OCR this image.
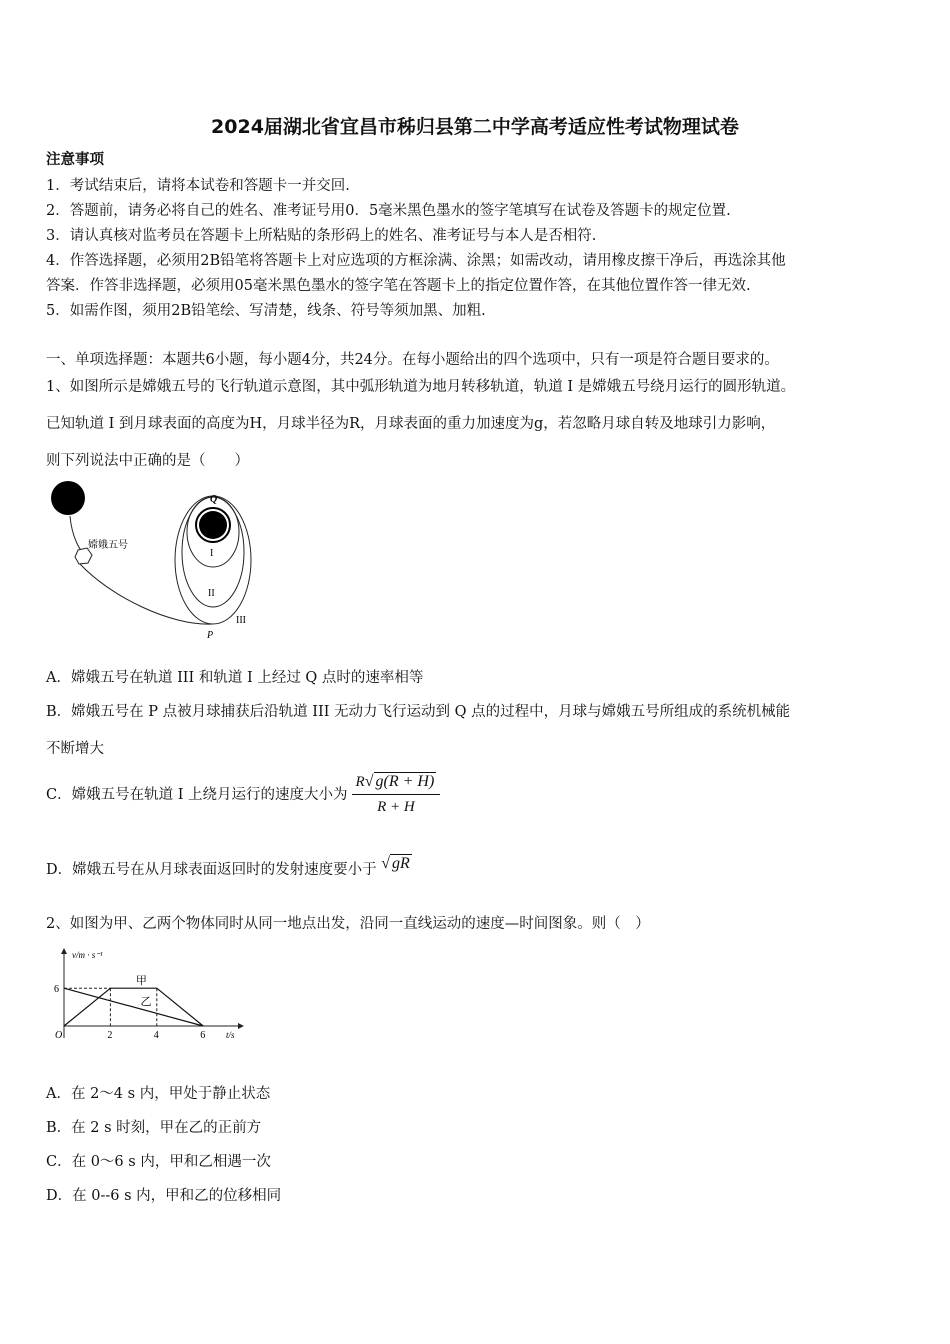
2024届湖北省宜昌市秭归县第二中学高考适应性考试物理试卷
注意事项
1．考试结束后，请将本试卷和答题卡一并交回.
2．答题前，请务必将自己的姓名、准考证号用0．5毫米黑色墨水的签字笔填写在试卷及答题卡的规定位置.
3．请认真核对监考员在答题卡上所粘贴的条形码上的姓名、准考证号与本人是否相符.
4．作答选择题，必须用2B铅笔将答题卡上对应选项的方框涂满、涂黑；如需改动，请用橡皮擦干净后，再选涂其他
答案．作答非选择题，必须用05毫米黑色墨水的签字笔在答题卡上的指定位置作答，在其他位置作答一律无效.
5．如需作图，须用2B铅笔绘、写清楚，线条、符号等须加黑、加粗.
一、单项选择题：本题共6小题，每小题4分，共24分。在每小题给出的四个选项中，只有一项是符合题目要求的。
1、如图所示是嫦娥五号的飞行轨道示意图，其中弧形轨道为地月转移轨道，轨道 I 是嫦娥五号绕月运行的圆形轨道。
已知轨道 I 到月球表面的高度为H，月球半径为R，月球表面的重力加速度为g，若忽略月球自转及地球引力影响，
则下列说法中正确的是（　　）
嫦娥五号
Q
I
II
P
III
A．嫦娥五号在轨道 III 和轨道 I 上经过 Q 点时的速率相等
B．嫦娥五号在 P 点被月球捕获后沿轨道 III 无动力飞行运动到 Q 点的过程中，月球与嫦娥五号所组成的系统机械能
不断增大
C．嫦娥五号在轨道 I 上绕月运行的速度大小为 $\frac{R√ g(R + H)}{R + H}$
D．嫦娥五号在从月球表面返回时的发射速度要小于 √ gR
2、如图为甲、乙两个物体同时从同一地点出发，沿同一直线运动的速度—时间图象。则（　）
v/m · s⁻¹
t/s
O
6
2	4	6
甲
乙
A．在 2～4 s 内，甲处于静止状态
B．在 2 s 时刻，甲在乙的正前方
C．在 0～6 s 内，甲和乙相遇一次
D．在 0--6 s 内，甲和乙的位移相同
